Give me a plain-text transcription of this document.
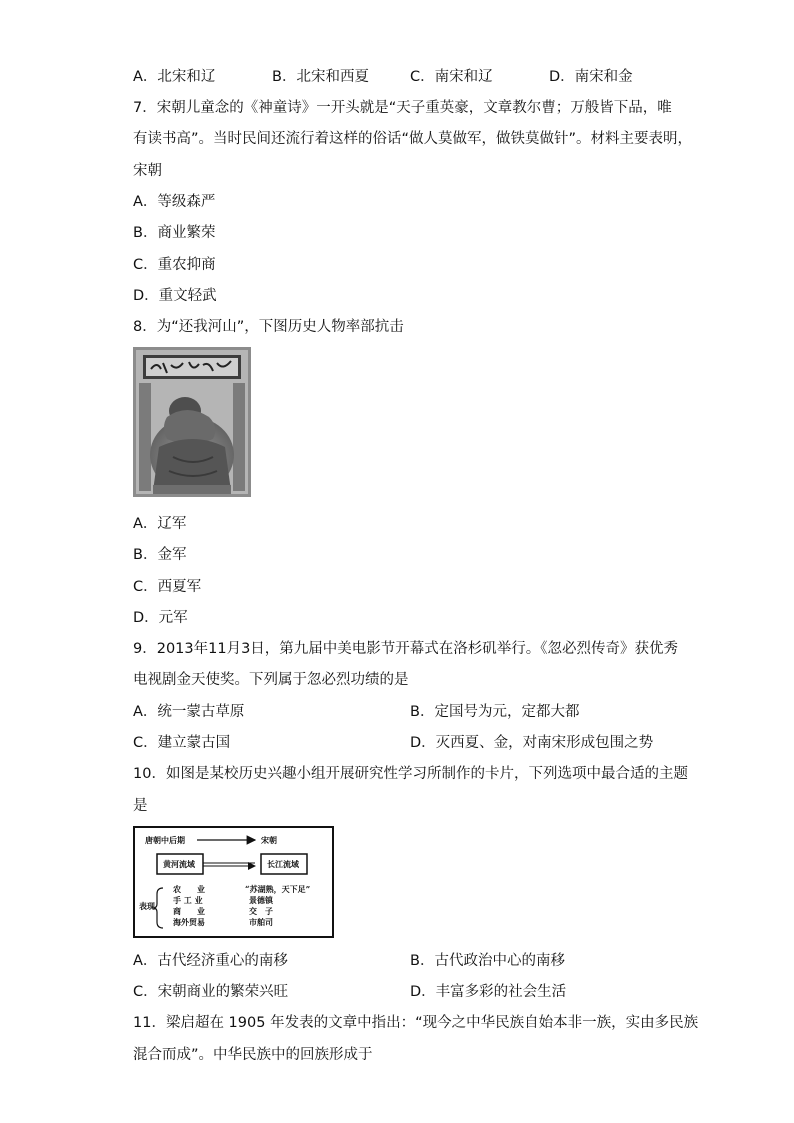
A．北宋和辽	B．北宋和西夏	C．南宋和辽	D．南宋和金
7．宋朝儿童念的《神童诗》一开头就是“天子重英豪，文章教尔曹；万般皆下品，唯
有读书高”。当时民间还流行着这样的俗话“做人莫做军，做铁莫做针”。材料主要表明，
宋朝
A．等级森严
B．商业繁荣
C．重农抑商
D．重文轻武
8．为“还我河山”，下图历史人物率部抗击
A．辽军
B．金军
C．西夏军
D．元军
9．2013年11月3日，第九届中美电影节开幕式在洛杉矶举行。《忽必烈传奇》获优秀
电视剧金天使奖。下列属于忽必烈功绩的是
A．统一蒙古草原	B．定国号为元，定都大都
C．建立蒙古国	D．灭西夏、金，对南宋形成包围之势
10．如图是某校历史兴趣小组开展研究性学习所制作的卡片，下列选项中最合适的主题
是
唐朝中后期	宋朝
黄河流域	长江流域
表现
农　　业	“苏湖熟，天下足”
手 工 业	景德镇
商　　业	交　子
海外贸易	市舶司
A．古代经济重心的南移	B．古代政治中心的南移
C．宋朝商业的繁荣兴旺	D．丰富多彩的社会生活
11．梁启超在 1905 年发表的文章中指出：“现今之中华民族自始本非一族，实由多民族
混合而成”。中华民族中的回族形成于
